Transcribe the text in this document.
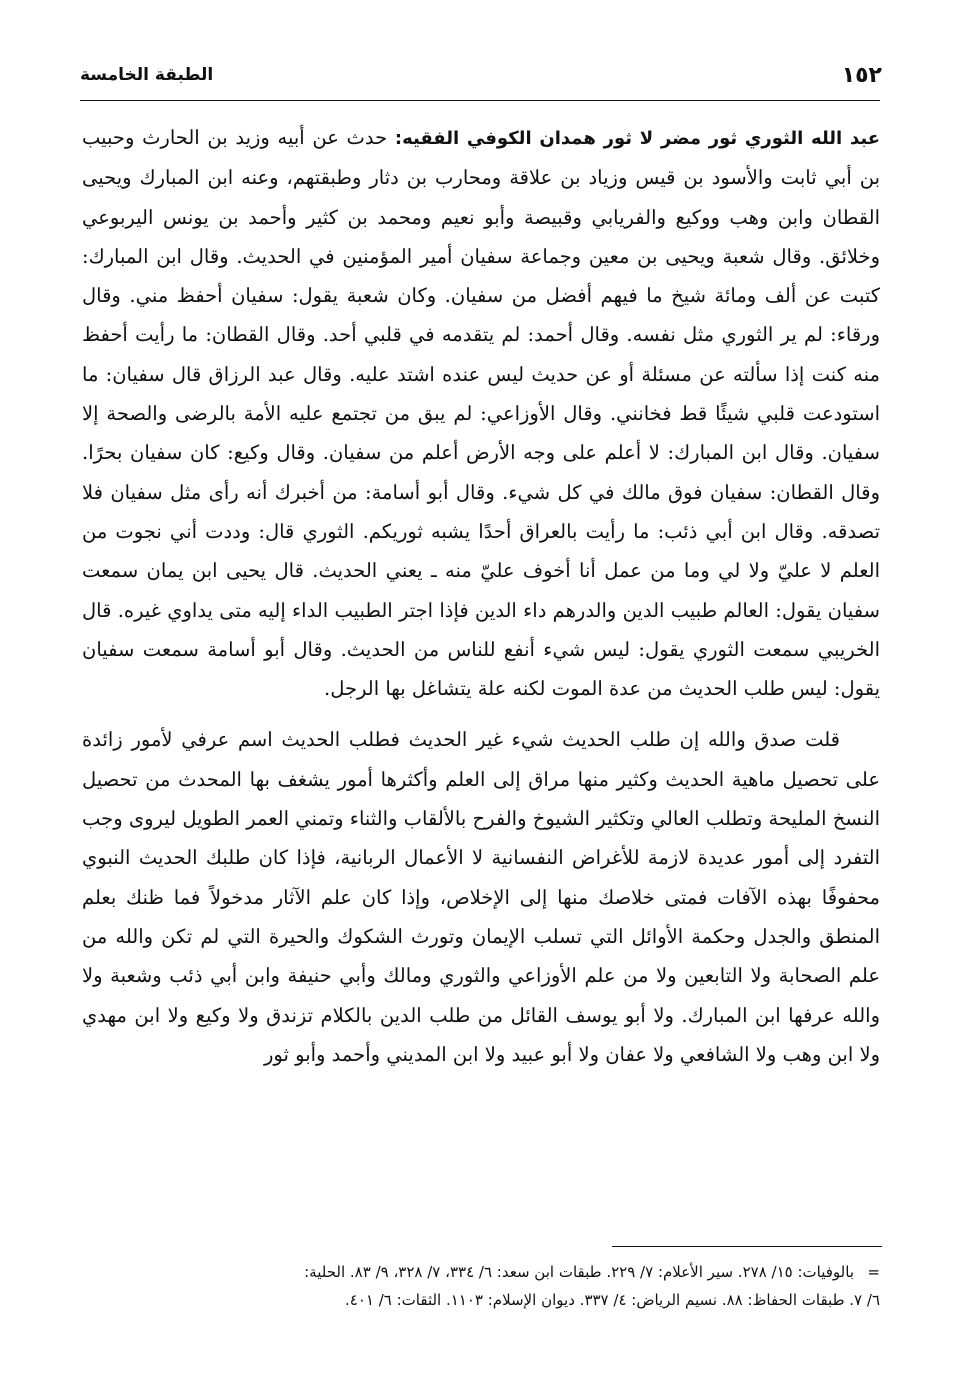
١٥٢
الطبقة الخامسة

عبد الله الثوري ثور مضر لا ثور همدان الكوفي الفقيه: حدث عن أبيه وزيد بن الحارث وحبيب بن أبي ثابت والأسود بن قيس وزياد بن علاقة ومحارب بن دثار وطبقتهم، وعنه ابن المبارك ويحيى القطان وابن وهب ووكيع والفريابي وقبيصة وأبو نعيم ومحمد بن كثير وأحمد بن يونس اليربوعي وخلائق. وقال شعبة ويحيى بن معين وجماعة سفيان أمير المؤمنين في الحديث. وقال ابن المبارك: كتبت عن ألف ومائة شيخ ما فيهم أفضل من سفيان. وكان شعبة يقول: سفيان أحفظ مني. وقال ورقاء: لم ير الثوري مثل نفسه. وقال أحمد: لم يتقدمه في قلبي أحد. وقال القطان: ما رأيت أحفظ منه كنت إذا سألته عن مسئلة أو عن حديث ليس عنده اشتد عليه. وقال عبد الرزاق قال سفيان: ما استودعت قلبي شيئًا قط فخانني. وقال الأوزاعي: لم يبق من تجتمع عليه الأمة بالرضى والصحة إلا سفيان. وقال ابن المبارك: لا أعلم على وجه الأرض أعلم من سفيان. وقال وكيع: كان سفيان بحرًا. وقال القطان: سفيان فوق مالك في كل شيء. وقال أبو أسامة: من أخبرك أنه رأى مثل سفيان فلا تصدقه. وقال ابن أبي ذئب: ما رأيت بالعراق أحدًا يشبه ثوريكم. الثوري قال: وددت أني نجوت من العلم لا عليّ ولا لي وما من عمل أنا أخوف عليّ منه ـ يعني الحديث. قال يحيى ابن يمان سمعت سفيان يقول: العالم طبيب الدين والدرهم داء الدين فإذا اجتر الطبيب الداء إليه متى يداوي غيره. قال الخريبي سمعت الثوري يقول: ليس شيء أنفع للناس من الحديث. وقال أبو أسامة سمعت سفيان يقول: ليس طلب الحديث من عدة الموت لكنه علة يتشاغل بها الرجل.

قلت صدق والله إن طلب الحديث شيء غير الحديث فطلب الحديث اسم عرفي لأمور زائدة على تحصيل ماهية الحديث وكثير منها مراق إلى العلم وأكثرها أمور يشغف بها المحدث من تحصيل النسخ المليحة وتطلب العالي وتكثير الشيوخ والفرح بالألقاب والثناء وتمني العمر الطويل ليروى وجب التفرد إلى أمور عديدة لازمة للأغراض النفسانية لا الأعمال الربانية، فإذا كان طلبك الحديث النبوي محفوفًا بهذه الآفات فمتى خلاصك منها إلى الإخلاص، وإذا كان علم الآثار مدخولاً فما ظنك بعلم المنطق والجدل وحكمة الأوائل التي تسلب الإيمان وتورث الشكوك والحيرة التي لم تكن والله من علم الصحابة ولا التابعين ولا من علم الأوزاعي والثوري ومالك وأبي حنيفة وابن أبي ذئب وشعبة ولا والله عرفها ابن المبارك. ولا أبو يوسف القائل من طلب الدين بالكلام تزندق ولا وكيع ولا ابن مهدي ولا ابن وهب ولا الشافعي ولا عفان ولا أبو عبيد ولا ابن المديني وأحمد وأبو ثور

=بالوفيات: ١٥/ ٢٧٨. سير الأعلام: ٧/ ٢٢٩. طبقات ابن سعد: ٦/ ٣٣٤، ٧/ ٣٢٨، ٩/ ٨٣. الحلية:

٦/ ٧. طبقات الحفاظ: ٨٨. نسيم الرياض: ٤/ ٣٣٧. ديوان الإسلام: ١١٠٣. الثقات: ٦/ ٤٠١.
